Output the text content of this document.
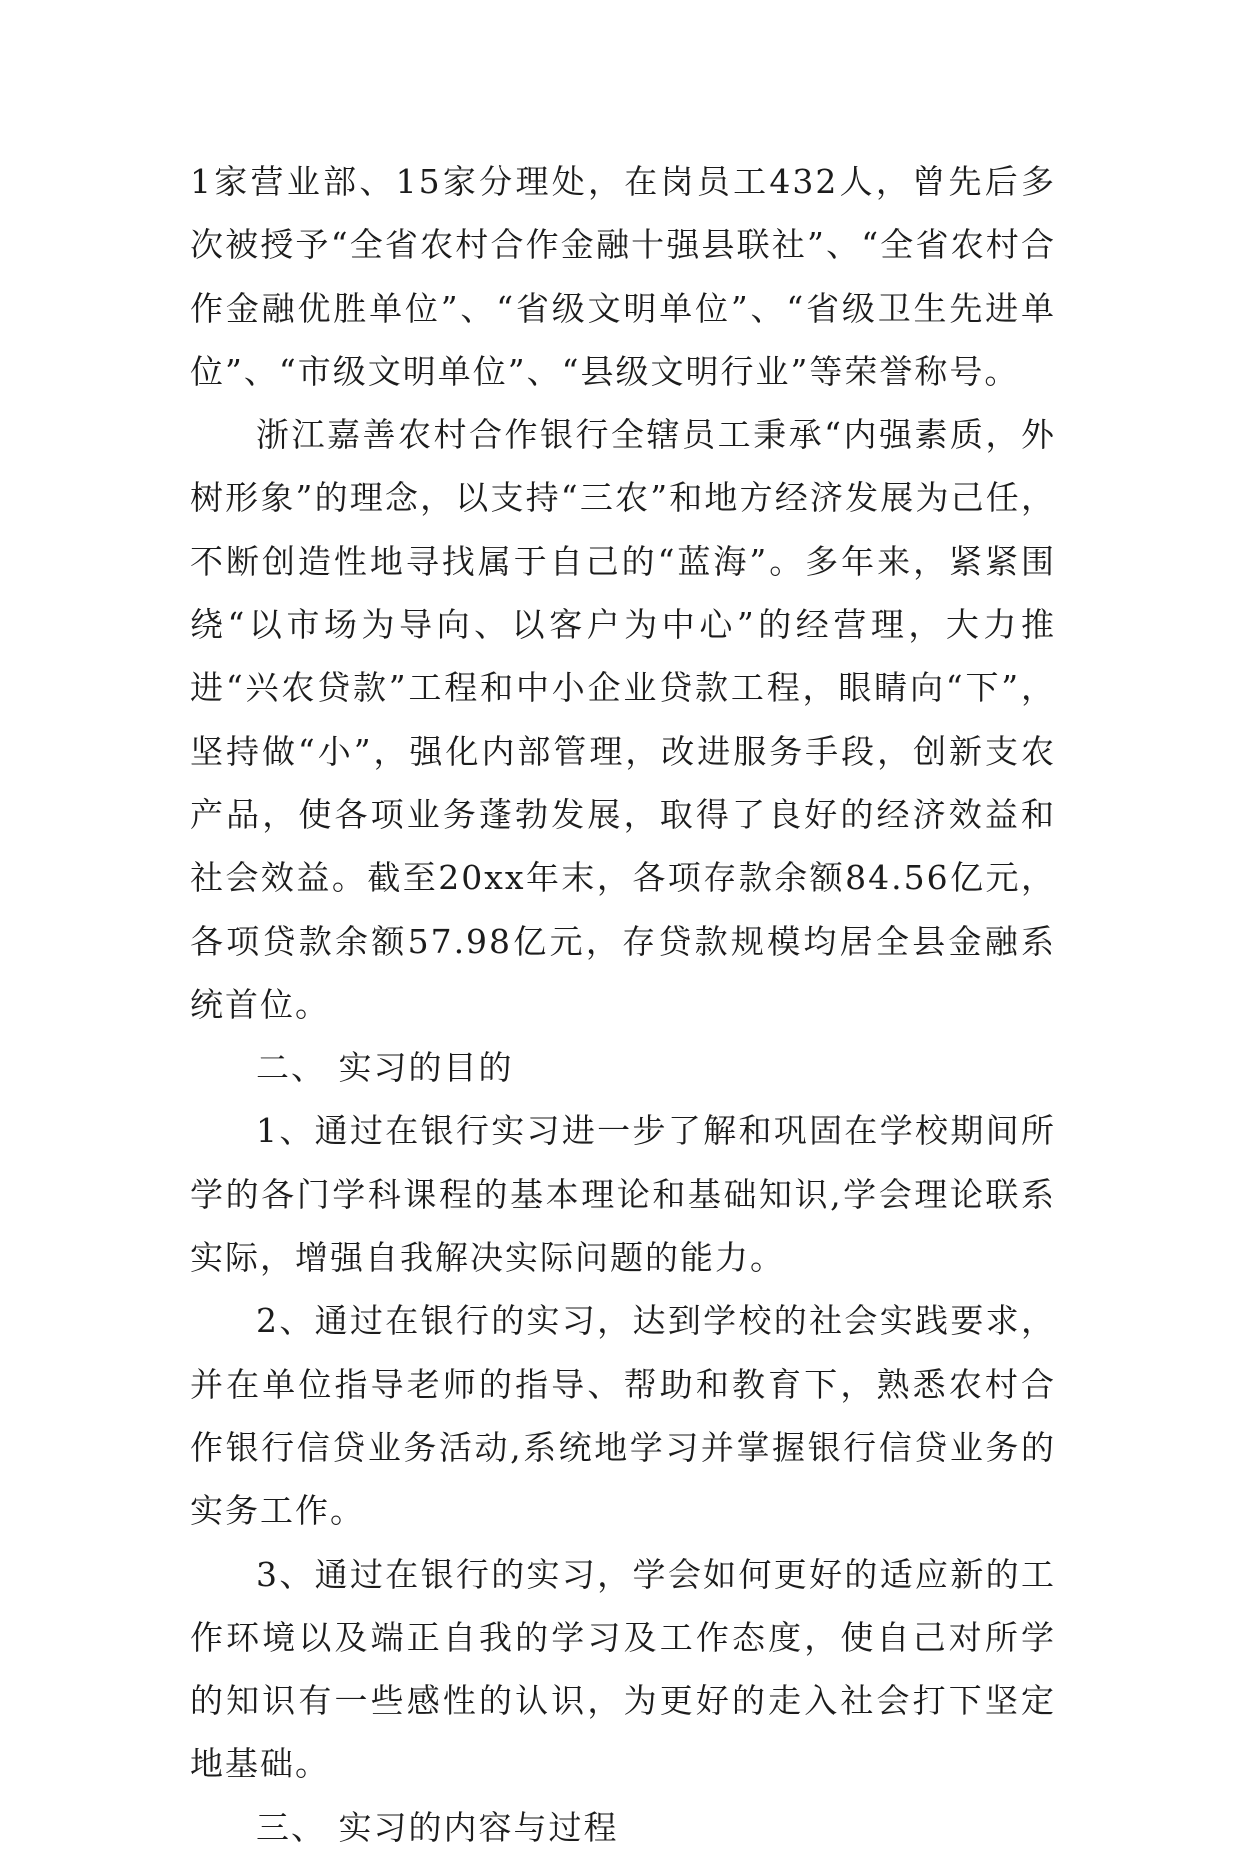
1家营业部、15家分理处，在岗员工432人，曾先后多次被授予“全省农村合作金融十强县联社”、“全省农村合作金融优胜单位”、“省级文明单位”、“省级卫生先进单位”、“市级文明单位”、“县级文明行业”等荣誉称号。

浙江嘉善农村合作银行全辖员工秉承“内强素质，外树形象”的理念，以支持“三农”和地方经济发展为己任，不断创造性地寻找属于自己的“蓝海”。多年来，紧紧围绕“以市场为导向、以客户为中心”的经营理，大力推进“兴农贷款”工程和中小企业贷款工程，眼睛向“下”，坚持做“小”，强化内部管理，改进服务手段，创新支农产品，使各项业务蓬勃发展，取得了良好的经济效益和社会效益。截至20xx年末，各项存款余额84.56亿元，各项贷款余额57.98亿元，存贷款规模均居全县金融系统首位。

二、 实习的目的

1、通过在银行实习进一步了解和巩固在学校期间所学的各门学科课程的基本理论和基础知识,学会理论联系实际，增强自我解决实际问题的能力。

2、通过在银行的实习，达到学校的社会实践要求，并在单位指导老师的指导、帮助和教育下，熟悉农村合作银行信贷业务活动,系统地学习并掌握银行信贷业务的实务工作。

3、通过在银行的实习，学会如何更好的适应新的工作环境以及端正自我的学习及工作态度，使自己对所学的知识有一些感性的认识，为更好的走入社会打下坚定地基础。

三、 实习的内容与过程
